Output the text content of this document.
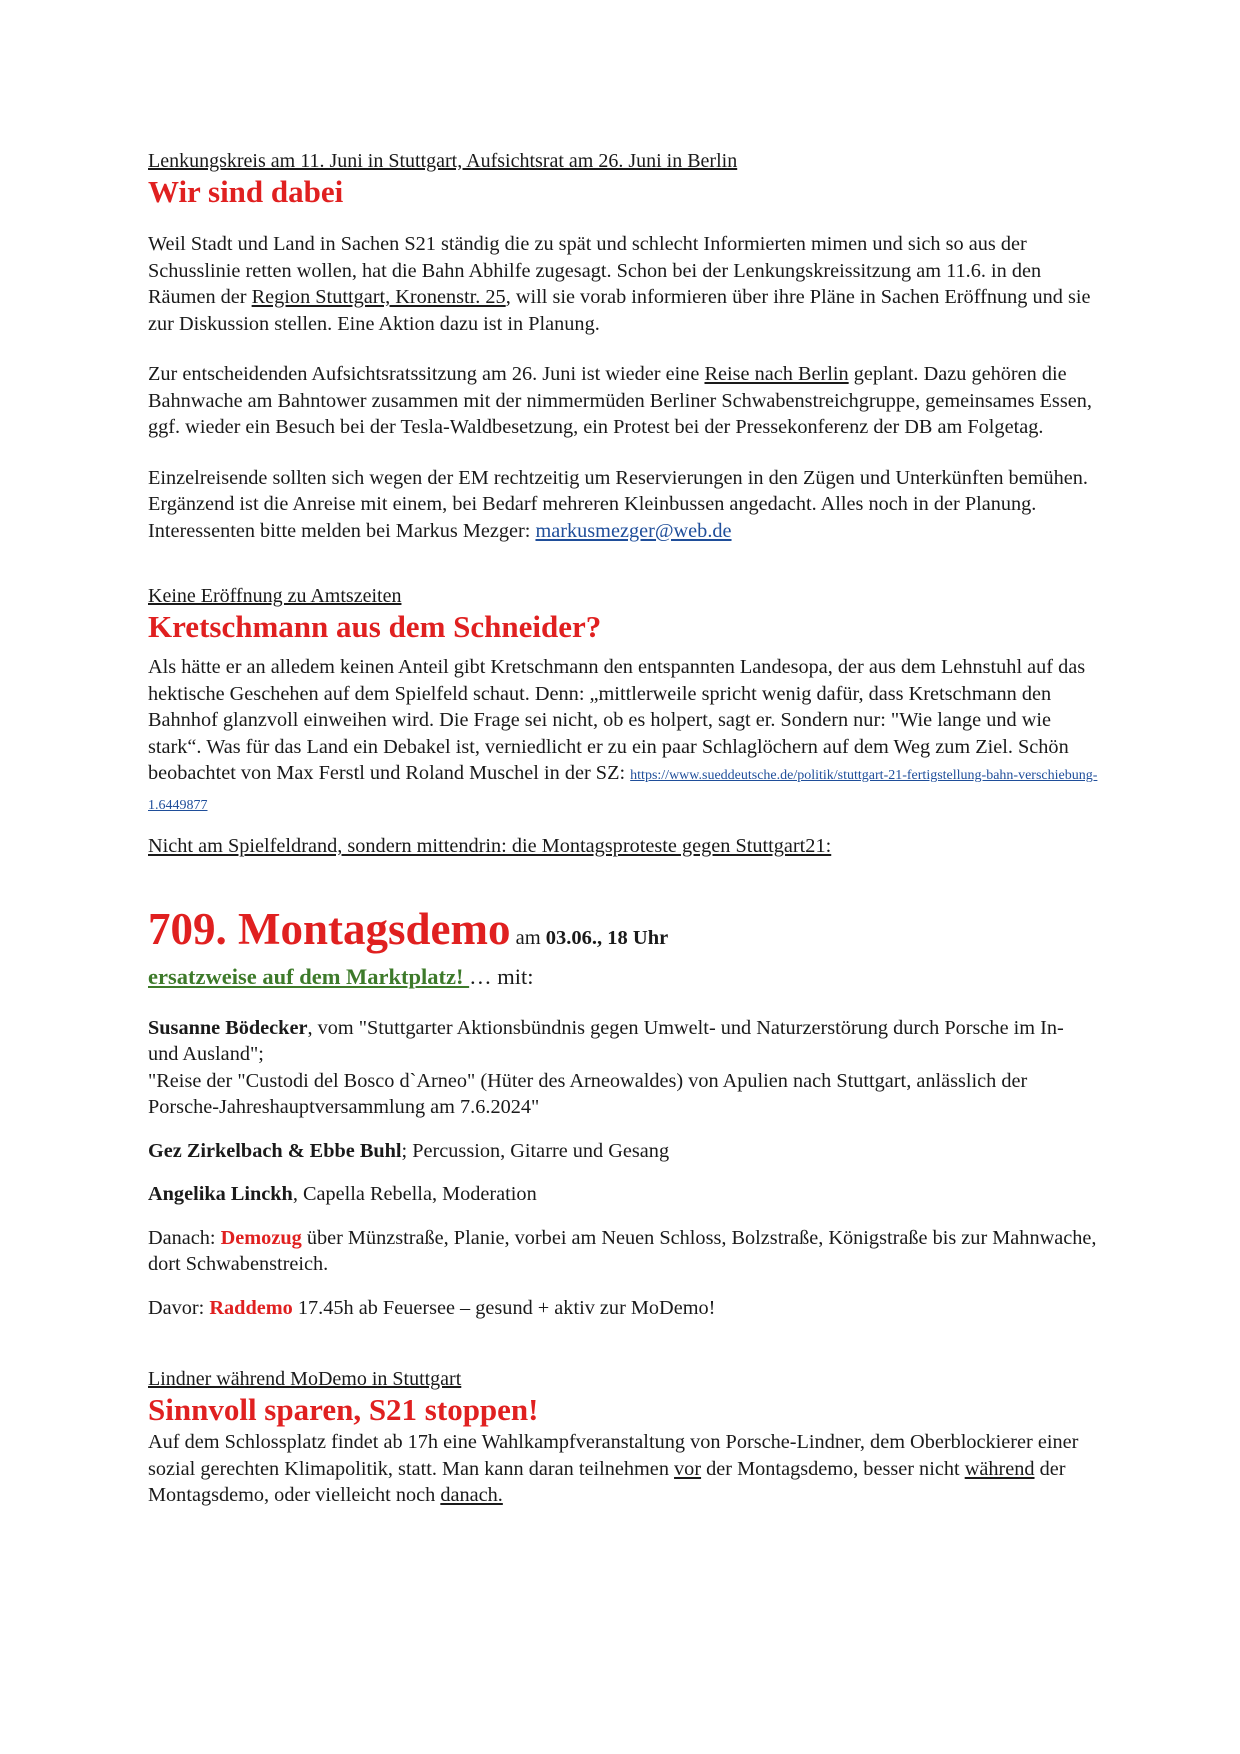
Lenkungskreis am 11. Juni in Stuttgart, Aufsichtsrat am 26. Juni in Berlin
Wir sind dabei

Weil Stadt und Land in Sachen S21 ständig die zu spät und schlecht Informierten mimen und sich so aus der Schusslinie retten wollen, hat die Bahn Abhilfe zugesagt. Schon bei der Lenkungskreissitzung am 11.6. in den Räumen der Region Stuttgart, Kronenstr. 25, will sie vorab informieren über ihre Pläne in Sachen Eröffnung und sie zur Diskussion stellen. Eine Aktion dazu ist in Planung.

Zur entscheidenden Aufsichtsratssitzung am 26. Juni ist wieder eine Reise nach Berlin geplant. Dazu gehören die Bahnwache am Bahntower zusammen mit der nimmermüden Berliner Schwabenstreichgruppe, gemeinsames Essen, ggf. wieder ein Besuch bei der Tesla-Waldbesetzung, ein Protest bei der Pressekonferenz der DB am Folgetag.

Einzelreisende sollten sich wegen der EM rechtzeitig um Reservierungen in den Zügen und Unterkünften bemühen. Ergänzend ist die Anreise mit einem, bei Bedarf mehreren Kleinbussen angedacht. Alles noch in der Planung.

Interessenten bitte melden bei Markus Mezger: markusmezger@web.de

Keine Eröffnung zu Amtszeiten
Kretschmann aus dem Schneider?

Als hätte er an alledem keinen Anteil gibt Kretschmann den entspannten Landesopa, der aus dem Lehnstuhl auf das hektische Geschehen auf dem Spielfeld schaut. Denn: „mittlerweile spricht wenig dafür, dass Kretschmann den Bahnhof glanzvoll einweihen wird. Die Frage sei nicht, ob es holpert, sagt er. Sondern nur: "Wie lange und wie stark“. Was für das Land ein Debakel ist, verniedlicht er zu ein paar Schlaglöchern auf dem Weg zum Ziel. Schön beobachtet von Max Ferstl und Roland Muschel in der SZ: https://www.sueddeutsche.de/politik/stuttgart-21-fertigstellung-bahn-verschiebung-1.6449877

Nicht am Spielfeldrand, sondern mittendrin: die Montagsproteste gegen Stuttgart21:

709. Montagsdemo am 03.06., 18 Uhr
ersatzweise auf dem Marktplatz! … mit:

Susanne Bödecker, vom "Stuttgarter Aktionsbündnis gegen Umwelt- und Naturzerstörung durch Porsche im In- und Ausland";
"Reise der "Custodi del Bosco d`Arneo" (Hüter des Arneowaldes) von Apulien nach Stuttgart, anlässlich der Porsche-Jahreshauptversammlung am 7.6.2024"

Gez Zirkelbach & Ebbe Buhl; Percussion, Gitarre und Gesang

Angelika Linckh, Capella Rebella, Moderation

Danach: Demozug über Münzstraße, Planie, vorbei am Neuen Schloss, Bolzstraße, Königstraße bis zur Mahnwache, dort Schwabenstreich.

Davor: Raddemo 17.45h ab Feuersee – gesund + aktiv zur MoDemo!

Lindner während MoDemo in Stuttgart
Sinnvoll sparen, S21 stoppen!

Auf dem Schlossplatz findet ab 17h eine Wahlkampfveranstaltung von Porsche-Lindner, dem Oberblockierer einer sozial gerechten Klimapolitik, statt. Man kann daran teilnehmen vor der Montagsdemo, besser nicht während der Montagsdemo, oder vielleicht noch danach.
